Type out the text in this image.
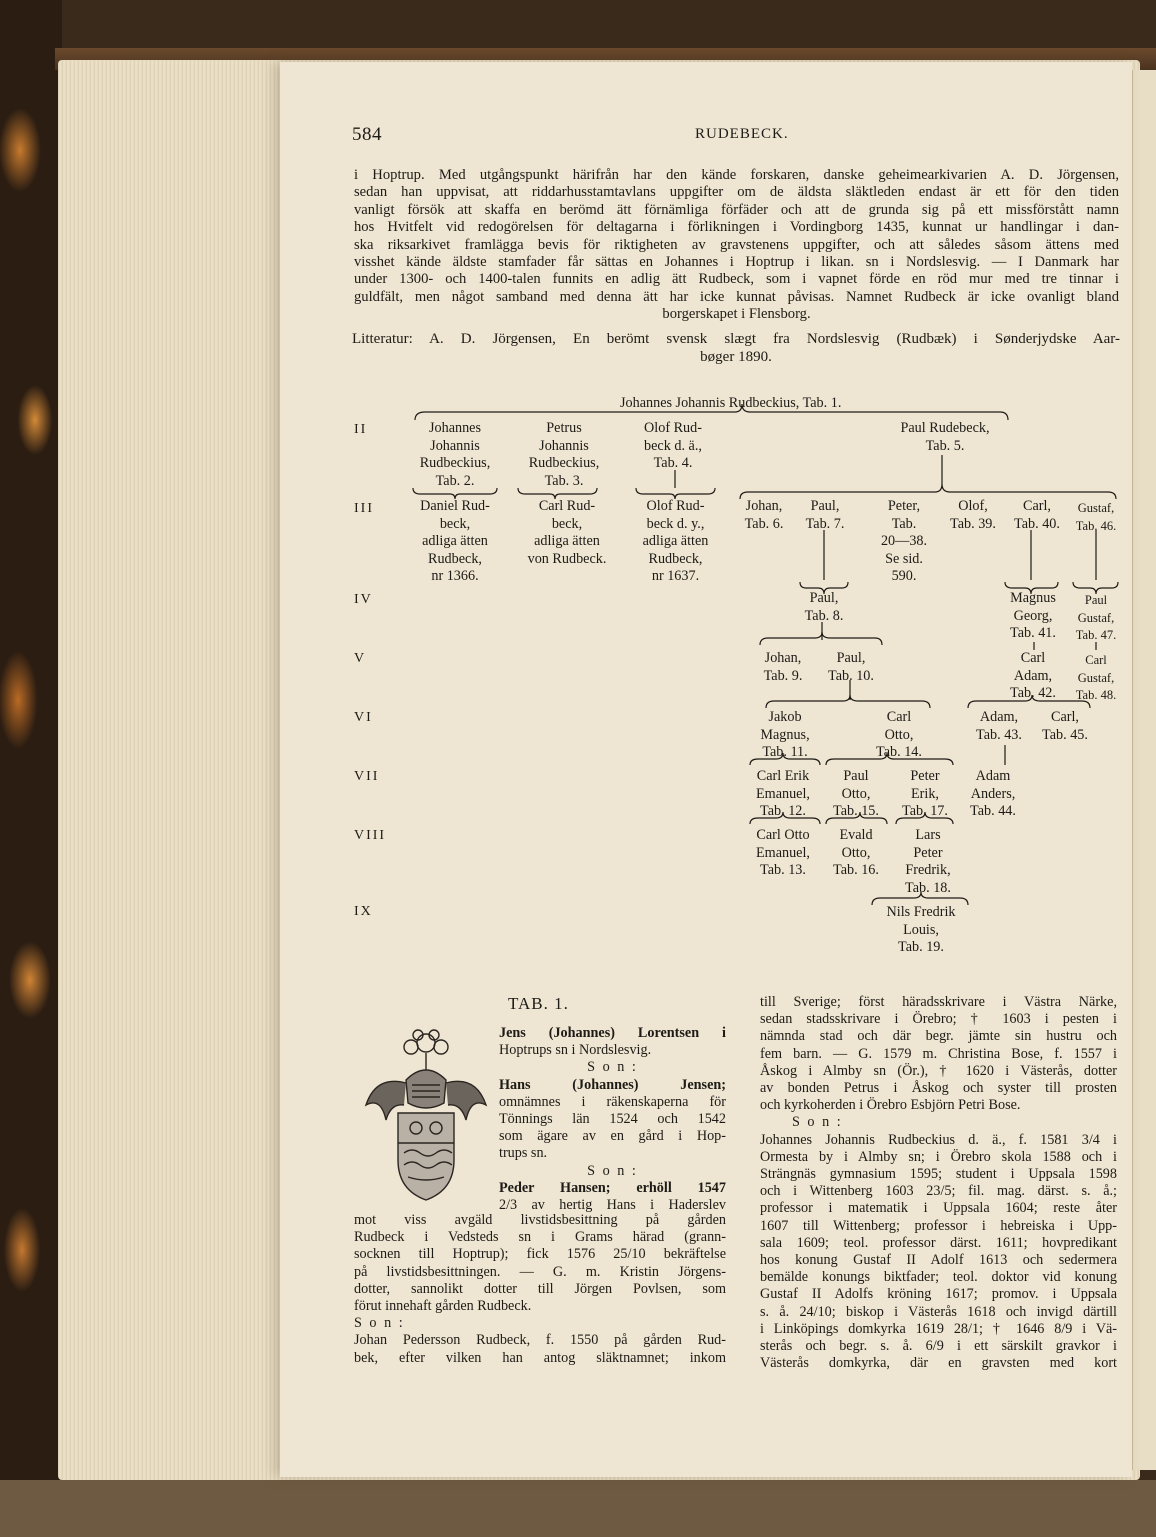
584	RUDEBECK.
i Hoptrup. Med utgångspunkt härifrån har den kände forskaren, danske geheimearkivarien A. D. Jörgensen,
sedan han uppvisat, att riddarhusstamtavlans uppgifter om de äldsta släktleden endast är ett för den tiden
vanligt försök att skaffa en berömd ätt förnämliga förfäder och att de grunda sig på ett missförstått namn
hos Hvitfelt vid redogörelsen för deltagarna i förlikningen i Vordingborg 1435, kunnat ur handlingar i dan-
ska riksarkivet framlägga bevis för riktigheten av gravstenens uppgifter, och att således såsom ättens med
visshet kände äldste stamfader får sättas en Johannes i Hoptrup i likan. sn i Nordslesvig. — I Danmark har
under 1300- och 1400-talen funnits en adlig ätt Rudbeck, som i vapnet förde en röd mur med tre tinnar i
guldfält, men något samband med denna ätt har icke kunnat påvisas. Namnet Rudbeck är icke ovanligt bland
borgerskapet i Flensborg.
Litteratur: A. D. Jörgensen, En berömt svensk slægt fra Nordslesvig (Rudbæk) i Sønderjydske Aar-
bøger 1890.
Johannes Johannis Rudbeckius, Tab. 1.
II
III
IV
V
VI
VII
VIII
IX
Johannes
Johannis
Rudbeckius,
Tab. 2.
Petrus
Johannis
Rudbeckius,
Tab. 3.
Olof Rud-
beck d. ä.,
Tab. 4.
Paul Rudebeck,
Tab. 5.
Daniel Rud-
beck,
adliga ätten
Rudbeck,
nr 1366.
Carl Rud-
beck,
adliga ätten
von Rudbeck.
Olof Rud-
beck d. y.,
adliga ätten
Rudbeck,
nr 1637.
Johan,
Tab. 6.
Paul,
Tab. 7.
Peter,
Tab.
20—38.
Se sid.
590.
Olof,
Tab. 39.
Carl,
Tab. 40.
Gustaf,
Tab. 46.
Paul,
Tab. 8.
Magnus
Georg,
Tab. 41.
Paul
Gustaf,
Tab. 47.
Johan,
Tab. 9.
Paul,
Tab. 10.
Carl
Adam,
Tab. 42.
Carl
Gustaf,
Tab. 48.
Jakob
Magnus,
Tab. 11.
Carl
Otto,
Tab. 14.
Adam,
Tab. 43.
Carl,
Tab. 45.
Carl Erik
Emanuel,
Tab. 12.
Paul
Otto,
Tab. 15.
Peter
Erik,
Tab. 17.
Adam
Anders,
Tab. 44.
Carl Otto
Emanuel,
Tab. 13.
Evald
Otto,
Tab. 16.
Lars
Peter
Fredrik,
Tab. 18.
Nils Fredrik
Louis,
Tab. 19.
TAB. 1.
Jens (Johannes) Lorentsen i
Hoptrups sn i Nordslesvig.
S o n :
Hans (Johannes) Jensen;
omnämnes i räkenskaperna för
Tönnings län 1524 och 1542
som ägare av en gård i Hop-
trups sn.
S o n :
Peder Hansen; erhöll 1547
2/3 av hertig Hans i Haderslev
mot viss avgäld livstidsbesittning på gården
Rudbeck i Vedsteds sn i Grams härad (grann-
socknen till Hoptrup); fick 1576 25/10 bekräftelse
på livstidsbesittningen. — G. m. Kristin Jörgens-
dotter, sannolikt dotter till Jörgen Povlsen, som
förut innehaft gården Rudbeck.
S o n :
Johan Pedersson Rudbeck, f. 1550 på gården Rud-
bek, efter vilken han antog släktnamnet; inkom
till Sverige; först häradsskrivare i Västra Närke,
sedan stadsskrivare i Örebro; † 1603 i pesten i
nämnda stad och där begr. jämte sin hustru och
fem barn. — G. 1579 m. Christina Bose, f. 1557 i
Åskog i Almby sn (Ör.), † 1620 i Västerås, dotter
av bonden Petrus i Åskog och syster till prosten
och kyrkoherden i Örebro Esbjörn Petri Bose.
S o n :
Johannes Johannis Rudbeckius d. ä., f. 1581 3/4 i
Ormesta by i Almby sn; i Örebro skola 1588 och i
Strängnäs gymnasium 1595; student i Uppsala 1598
och i Wittenberg 1603 23/5; fil. mag. därst. s. å.;
professor i matematik i Uppsala 1604; reste åter
1607 till Wittenberg; professor i hebreiska i Upp-
sala 1609; teol. professor därst. 1611; hovpredikant
hos konung Gustaf II Adolf 1613 och sedermera
bemälde konungs biktfader; teol. doktor vid konung
Gustaf II Adolfs kröning 1617; promov. i Uppsala
s. å. 24/10; biskop i Västerås 1618 och invigd därtill
i Linköpings domkyrka 1619 28/1; † 1646 8/9 i Vä-
sterås och begr. s. å. 6/9 i ett särskilt gravkor i
Västerås domkyrka, där en gravsten med kort
